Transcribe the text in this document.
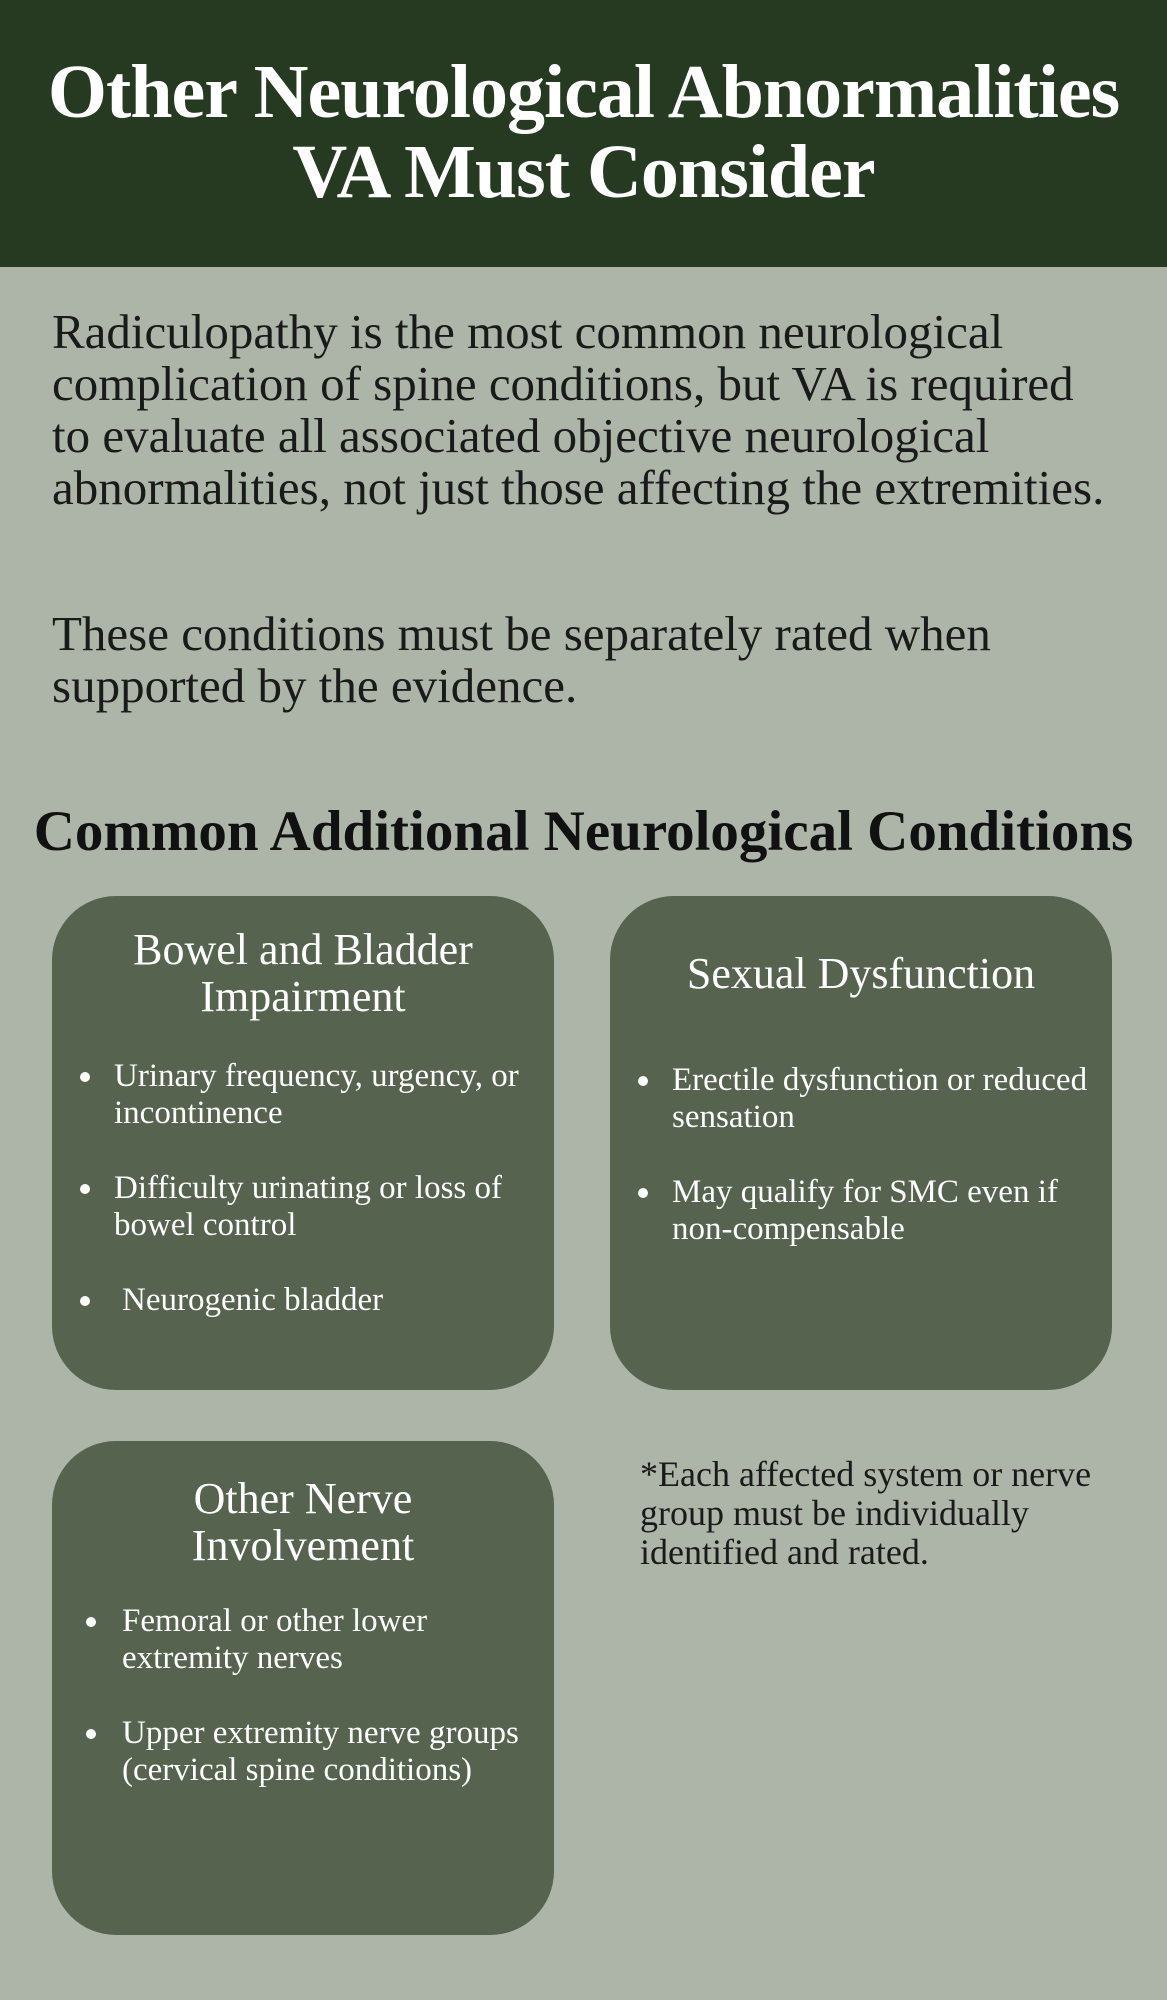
Other Neurological Abnormalities
VA Must Consider

Radiculopathy is the most common neurological complication of spine conditions, but VA is required to evaluate all associated objective neurological abnormalities, not just those affecting the extremities.

These conditions must be separately rated when supported by the evidence.

Common Additional Neurological Conditions
Bowel and Bladder
Impairment
Urinary frequency, urgency, or incontinence
Difficulty urinating or loss of bowel control
Neurogenic bladder
Sexual Dysfunction
Erectile dysfunction or reduced sensation
May qualify for SMC even if non-compensable
Other Nerve
Involvement
Femoral or other lower extremity nerves
Upper extremity nerve groups (cervical spine conditions)

*Each affected system or nerve group must be individually identified and rated.
